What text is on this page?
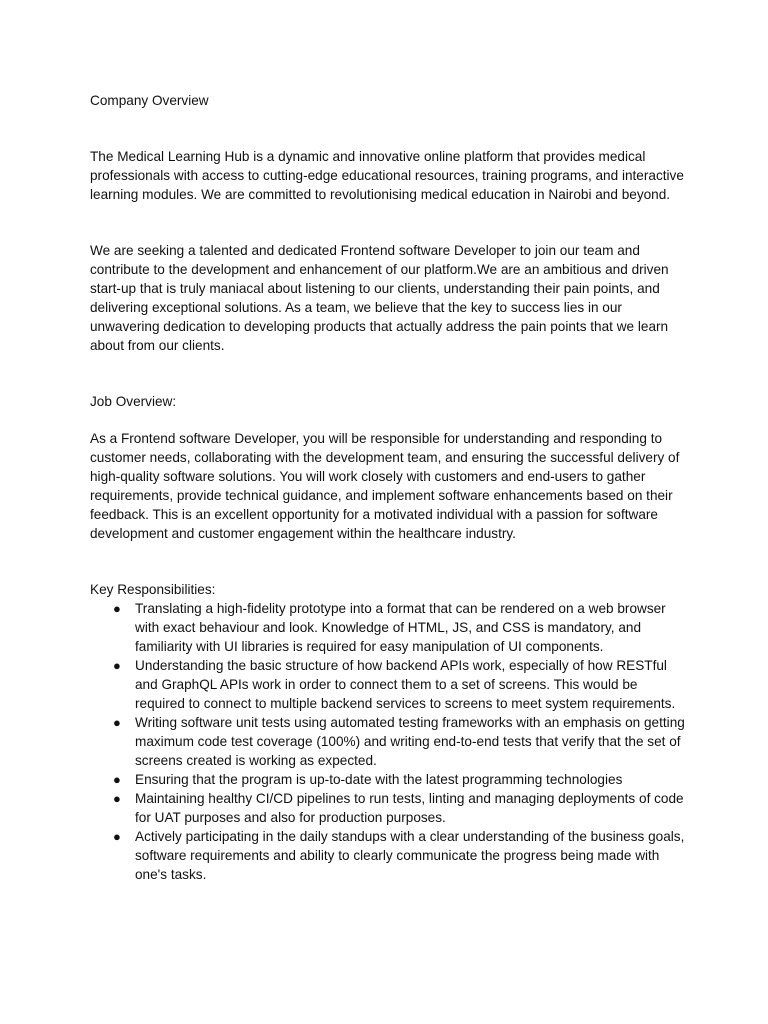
Company Overview

The Medical Learning Hub is a dynamic and innovative online platform that provides medical professionals with access to cutting-edge educational resources, training programs, and interactive learning modules. We are committed to revolutionising medical education in Nairobi and beyond.

We are seeking a talented and dedicated Frontend software Developer to join our team and contribute to the development and enhancement of our platform.We are an ambitious and driven start-up that is truly maniacal about listening to our clients, understanding their pain points, and delivering exceptional solutions. As a team, we believe that the key to success lies in our unwavering dedication to developing products that actually address the pain points that we learn about from our clients.

Job Overview:

As a Frontend software Developer, you will be responsible for understanding and responding to customer needs, collaborating with the development team, and ensuring the successful delivery of high-quality software solutions. You will work closely with customers and end-users to gather requirements, provide technical guidance, and implement software enhancements based on their feedback. This is an excellent opportunity for a motivated individual with a passion for software development and customer engagement within the healthcare industry.

Key Responsibilities:

● Translating a high-fidelity prototype into a format that can be rendered on a web browser with exact behaviour and look. Knowledge of HTML, JS, and CSS is mandatory, and familiarity with UI libraries is required for easy manipulation of UI components.
● Understanding the basic structure of how backend APIs work, especially of how RESTful and GraphQL APIs work in order to connect them to a set of screens. This would be required to connect to multiple backend services to screens to meet system requirements.
● Writing software unit tests using automated testing frameworks with an emphasis on getting maximum code test coverage (100%) and writing end-to-end tests that verify that the set of screens created is working as expected.
● Ensuring that the program is up-to-date with the latest programming technologies
● Maintaining healthy CI/CD pipelines to run tests, linting and managing deployments of code for UAT purposes and also for production purposes.
● Actively participating in the daily standups with a clear understanding of the business goals, software requirements and ability to clearly communicate the progress being made with one's tasks.
